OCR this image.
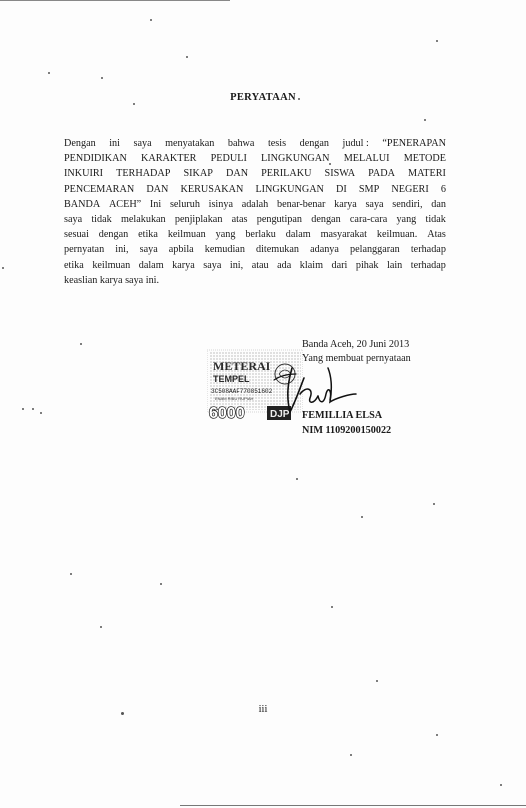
PERYATAAN
Dengan ini saya menyatakan bahwa tesis dengan judul : “PENERAPAN
PENDIDIKAN KARAKTER PEDULI LINGKUNGAN MELALUI METODE
INKUIRI TERHADAP SIKAP DAN PERILAKU SISWA PADA MATERI
PENCEMARAN DAN KERUSAKAN LINGKUNGAN DI SMP NEGERI 6
BANDA ACEH” Ini seluruh isinya adalah benar-benar karya saya sendiri, dan
saya tidak melakukan penjiplakan atas pengutipan dengan cara-cara yang tidak
sesuai dengan etika keilmuan yang berlaku dalam masyarakat keilmuan. Atas
pernyatan ini, saya apbila kemudian ditemukan adanya pelanggaran terhadap
etika keilmuan dalam karya saya ini, atau ada klaim dari pihak lain terhadap
keaslian karya saya ini.
METERAI
TEMPEL
3C508AAF770851602
ENAM RIBU RUPIAH
6000	DJP
Banda Aceh, 20 Juni 2013
Yang membuat pernyataan
FEMILLIA ELSA
NIM 1109200150022
iii
